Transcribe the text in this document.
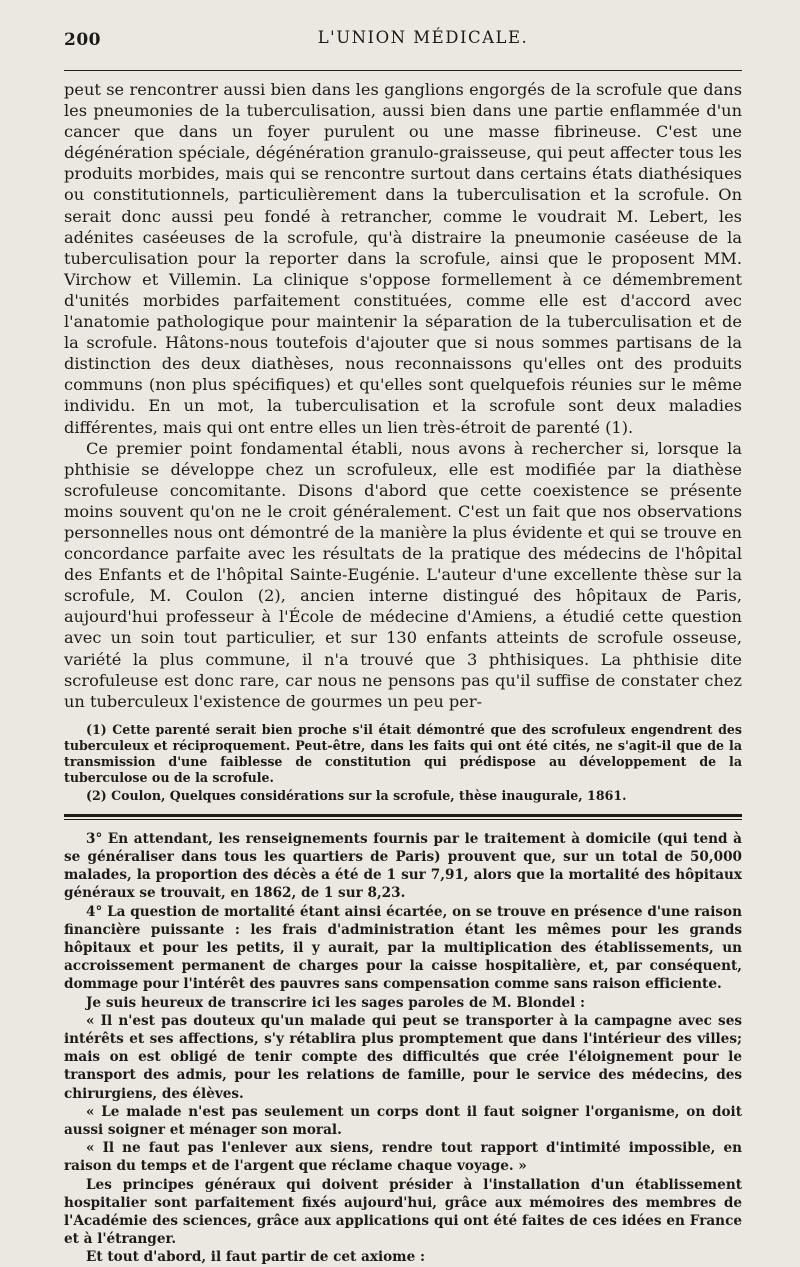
200	L'UNION MÉDICALE.

peut se rencontrer aussi bien dans les ganglions engorgés de la scrofule que dans les pneumonies de la tuberculisation, aussi bien dans une partie enflammée d'un cancer que dans un foyer purulent ou une masse fibrineuse. C'est une dégénération spéciale, dégénération granulo-graisseuse, qui peut affecter tous les produits morbides, mais qui se rencontre surtout dans certains états diathésiques ou constitutionnels, particulièrement dans la tuberculisation et la scrofule. On serait donc aussi peu fondé à retrancher, comme le voudrait M. Lebert, les adénites caséeuses de la scrofule, qu'à distraire la pneumonie caséeuse de la tuberculisation pour la reporter dans la scrofule, ainsi que le proposent MM. Virchow et Villemin. La clinique s'oppose formellement à ce démembrement d'unités morbides parfaitement constituées, comme elle est d'accord avec l'anatomie pathologique pour maintenir la séparation de la tuberculisation et de la scrofule. Hâtons-nous toutefois d'ajouter que si nous sommes partisans de la distinction des deux diathèses, nous reconnaissons qu'elles ont des produits communs (non plus spécifiques) et qu'elles sont quelquefois réunies sur le même individu. En un mot, la tuberculisation et la scrofule sont deux maladies différentes, mais qui ont entre elles un lien très-étroit de parenté (1).

Ce premier point fondamental établi, nous avons à rechercher si, lorsque la phthisie se développe chez un scrofuleux, elle est modifiée par la diathèse scrofuleuse concomitante. Disons d'abord que cette coexistence se présente moins souvent qu'on ne le croit généralement. C'est un fait que nos observations personnelles nous ont démontré de la manière la plus évidente et qui se trouve en concordance parfaite avec les résultats de la pratique des médecins de l'hôpital des Enfants et de l'hôpital Sainte-Eugénie. L'auteur d'une excellente thèse sur la scrofule, M. Coulon (2), ancien interne distingué des hôpitaux de Paris, aujourd'hui professeur à l'École de médecine d'Amiens, a étudié cette question avec un soin tout particulier, et sur 130 enfants atteints de scrofule osseuse, variété la plus commune, il n'a trouvé que 3 phthisiques. La phthisie dite scrofuleuse est donc rare, car nous ne pensons pas qu'il suffise de constater chez un tuberculeux l'existence de gourmes un peu per-

(1) Cette parenté serait bien proche s'il était démontré que des scrofuleux engendrent des tuberculeux et réciproquement. Peut-être, dans les faits qui ont été cités, ne s'agit-il que de la transmission d'une faiblesse de constitution qui prédispose au développement de la tuberculose ou de la scrofule.

(2) Coulon, Quelques considérations sur la scrofule, thèse inaugurale, 1861.

3° En attendant, les renseignements fournis par le traitement à domicile (qui tend à se généraliser dans tous les quartiers de Paris) prouvent que, sur un total de 50,000 malades, la proportion des décès a été de 1 sur 7,91, alors que la mortalité des hôpitaux généraux se trouvait, en 1862, de 1 sur 8,23.

4° La question de mortalité étant ainsi écartée, on se trouve en présence d'une raison financière puissante : les frais d'administration étant les mêmes pour les grands hôpitaux et pour les petits, il y aurait, par la multiplication des établissements, un accroissement permanent de charges pour la caisse hospitalière, et, par conséquent, dommage pour l'intérêt des pauvres sans compensation comme sans raison efficiente.

Je suis heureux de transcrire ici les sages paroles de M. Blondel :

« Il n'est pas douteux qu'un malade qui peut se transporter à la campagne avec ses intérêts et ses affections, s'y rétablira plus promptement que dans l'intérieur des villes; mais on est obligé de tenir compte des difficultés que crée l'éloignement pour le transport des admis, pour les relations de famille, pour le service des médecins, des chirurgiens, des élèves.

« Le malade n'est pas seulement un corps dont il faut soigner l'organisme, on doit aussi soigner et ménager son moral.

« Il ne faut pas l'enlever aux siens, rendre tout rapport d'intimité impossible, en raison du temps et de l'argent que réclame chaque voyage. »

Les principes généraux qui doivent présider à l'installation d'un établissement hospitalier sont parfaitement fixés aujourd'hui, grâce aux mémoires des membres de l'Académie des sciences, grâce aux applications qui ont été faites de ces idées en France et à l'étranger.

Et tout d'abord, il faut partir de cet axiome :
